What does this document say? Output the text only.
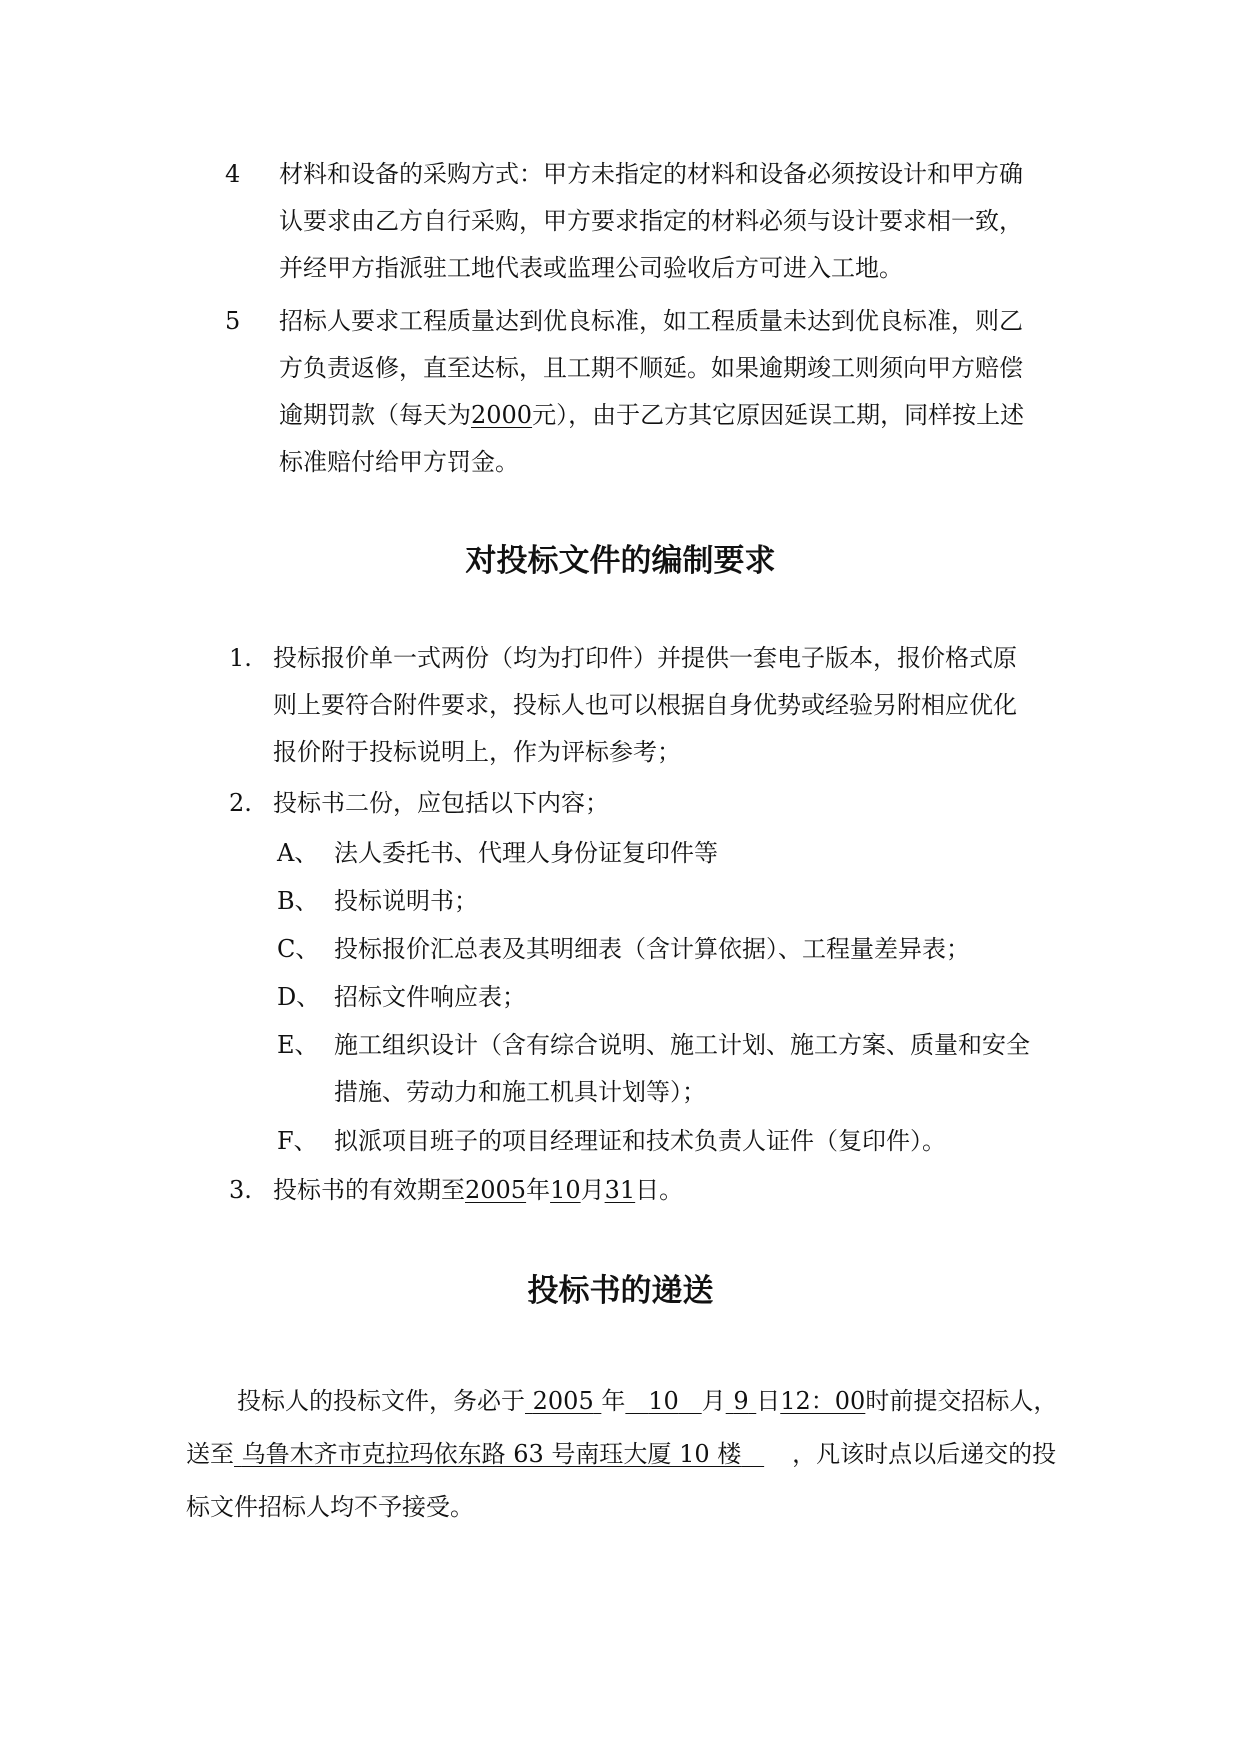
4 材料和设备的采购方式：甲方未指定的材料和设备必须按设计和甲方确
认要求由乙方自行采购，甲方要求指定的材料必须与设计要求相一致，
并经甲方指派驻工地代表或监理公司验收后方可进入工地。
5 招标人要求工程质量达到优良标准，如工程质量未达到优良标准，则乙
方负责返修，直至达标，且工期不顺延。如果逾期竣工则须向甲方赔偿
逾期罚款（每天为2000元），由于乙方其它原因延误工期，同样按上述
标准赔付给甲方罚金。
对投标文件的编制要求
1. 投标报价单一式两份（均为打印件）并提供一套电子版本，报价格式原
则上要符合附件要求，投标人也可以根据自身优势或经验另附相应优化
报价附于投标说明上，作为评标参考；
2. 投标书二份，应包括以下内容；
A、 法人委托书、代理人身份证复印件等
B、 投标说明书；
C、 投标报价汇总表及其明细表（含计算依据）、工程量差异表；
D、 招标文件响应表；
E、 施工组织设计（含有综合说明、施工计划、施工方案、质量和安全
措施、劳动力和施工机具计划等）；
F、 拟派项目班子的项目经理证和技术负责人证件（复印件）。
3. 投标书的有效期至2005年10月31日。
投标书的递送
投标人的投标文件，务必于 2005 年 10 月 9 日12：00时前提交招标人，
送至 乌鲁木齐市克拉玛依东路 63 号南珏大厦 10 楼 ，凡该时点以后递交的投
标文件招标人均不予接受。
